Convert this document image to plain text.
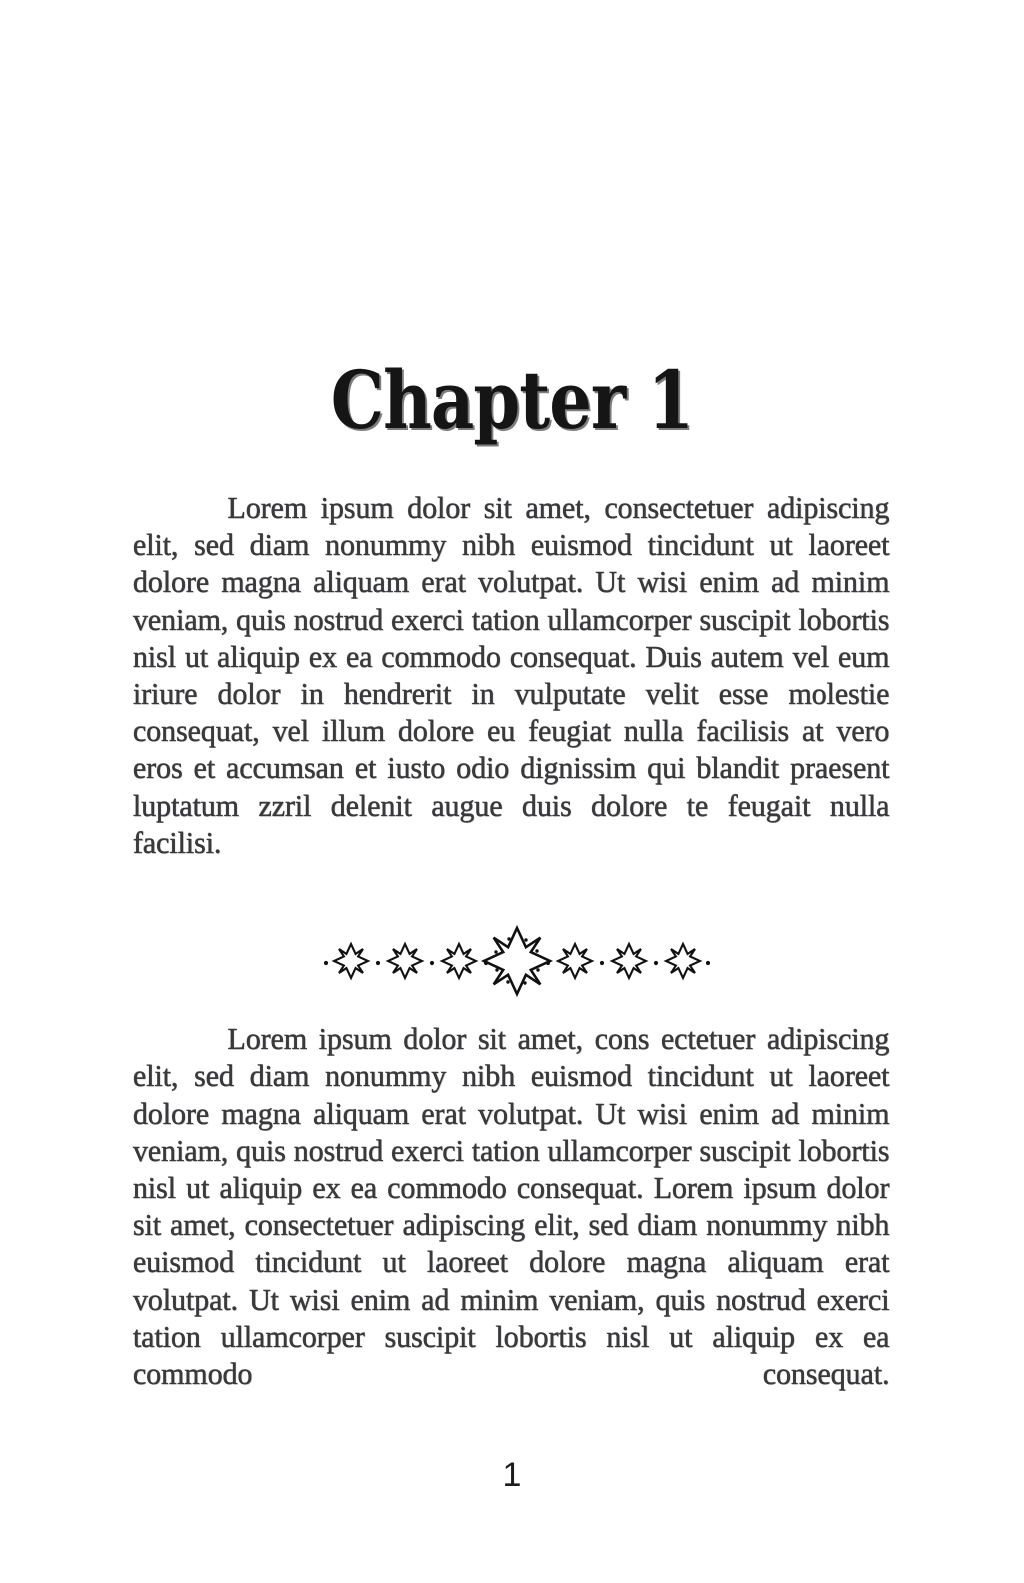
Chapter 1

Lorem ipsum dolor sit amet, consectetuer adipiscing elit, sed diam nonummy nibh euismod tincidunt ut laoreet dolore magna aliquam erat volutpat. Ut wisi enim ad minim veniam, quis nostrud exerci tation ullamcorper suscipit lobortis nisl ut aliquip ex ea commodo consequat. Duis autem vel eum iriure dolor in hendrerit in vulputate velit esse molestie consequat, vel illum dolore eu feugiat nulla facilisis at vero eros et accumsan et iusto odio dignissim qui blandit praesent luptatum zzril delenit augue duis dolore te feugait nulla facilisi.

Lorem ipsum dolor sit amet, cons ectetuer adipiscing elit, sed diam nonummy nibh euismod tincidunt ut laoreet dolore magna aliquam erat volutpat. Ut wisi enim ad minim veniam, quis nostrud exerci tation ullamcorper suscipit lobortis nisl ut aliquip ex ea commodo consequat. Lorem ipsum dolor sit amet, consectetuer adipiscing elit, sed diam nonummy nibh euismod tincidunt ut laoreet dolore magna aliquam erat volutpat. Ut wisi enim ad minim veniam, quis nostrud exerci tation ullamcorper suscipit lobortis nisl ut aliquip ex ea commodo consequat.

1
